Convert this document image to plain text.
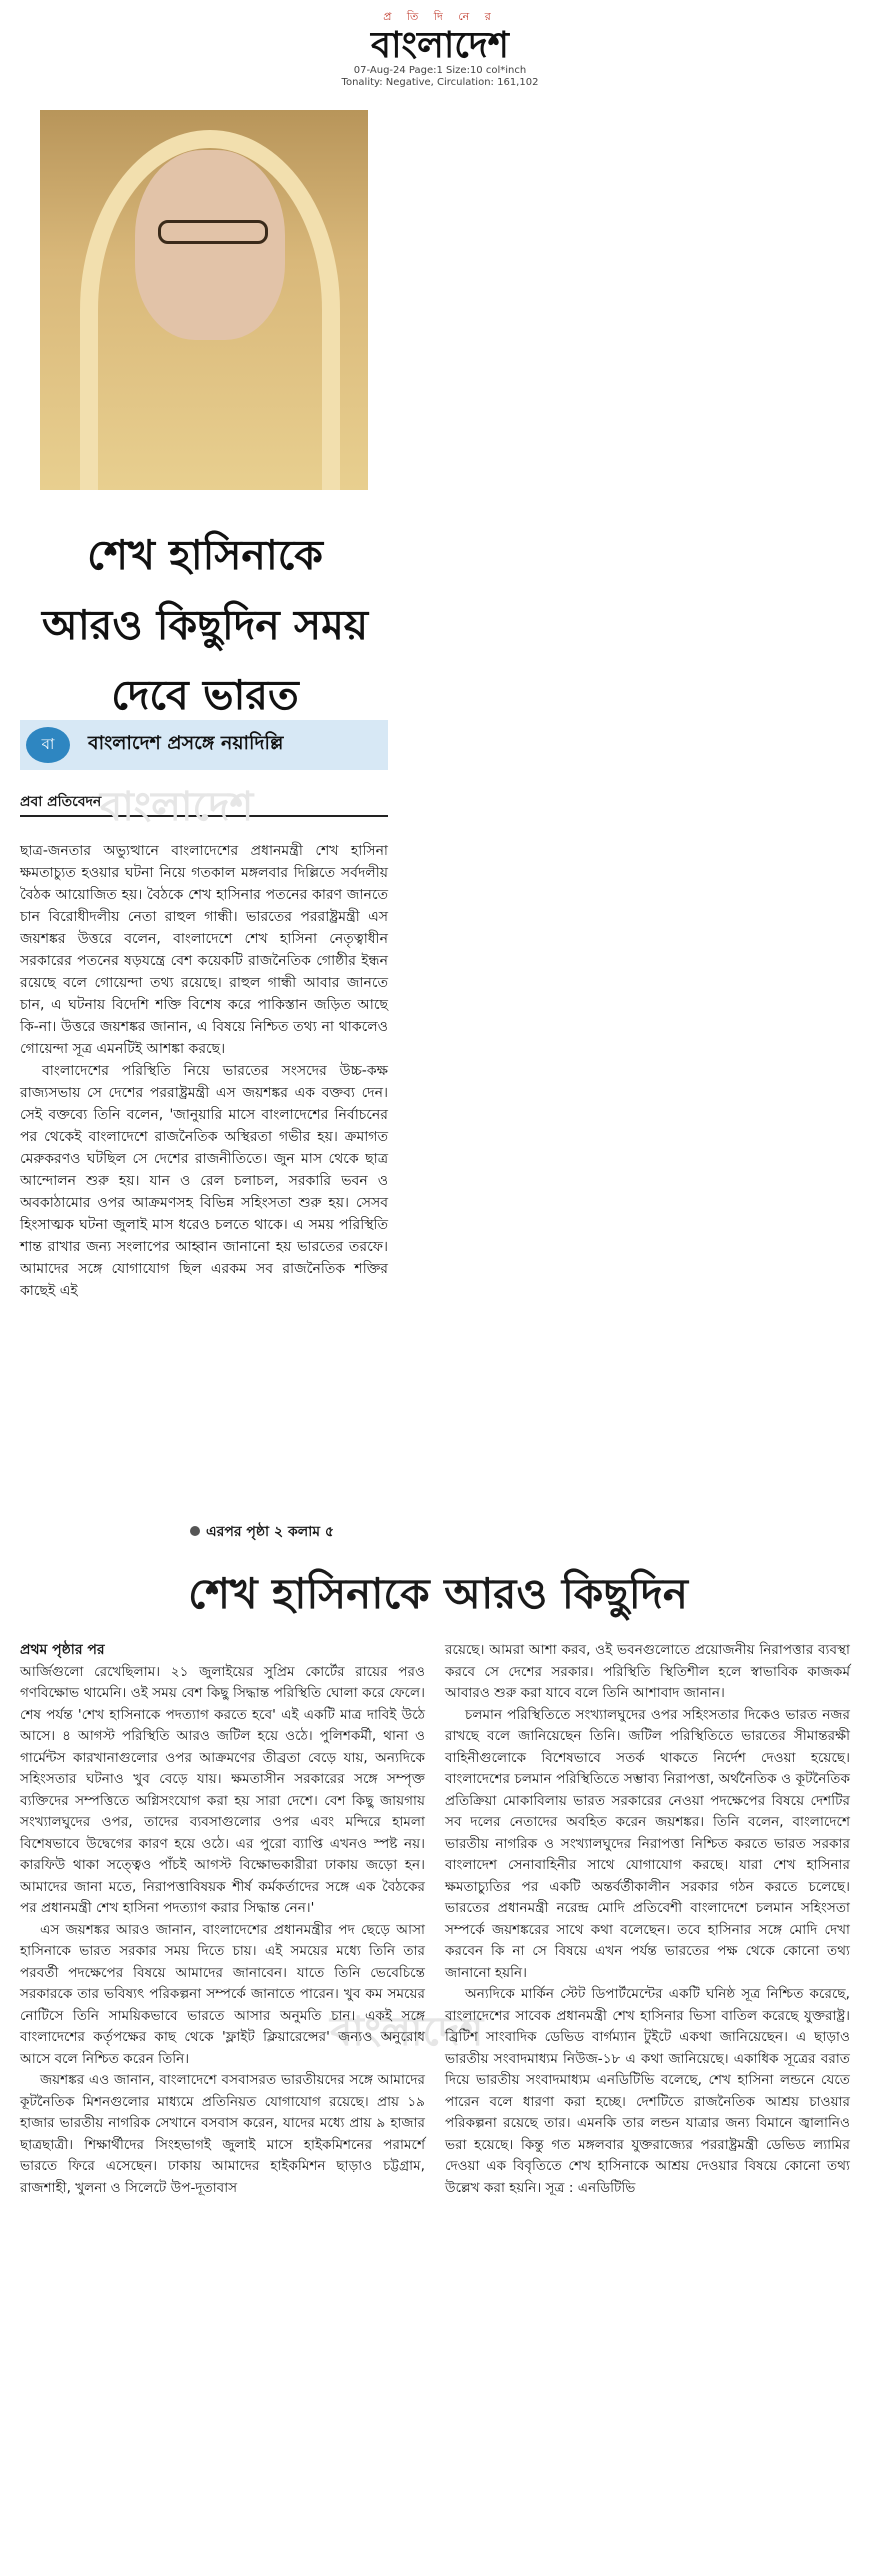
প্র তি দি নে র
বাংলাদেশ
07-Aug-24 Page:1 Size:10 col*inch
Tonality: Negative, Circulation: 161,102
শেখ হাসিনাকে
আরও কিছুদিন সময়
দেবে ভারত
বা	বাংলাদেশ প্রসঙ্গে নয়াদিল্লি
প্রবা প্রতিবেদন
বাংলাদেশ

ছাত্র-জনতার অভ্যুত্থানে বাংলাদেশের প্রধানমন্ত্রী শেখ হাসিনা ক্ষমতাচ্যুত হওয়ার ঘটনা নিয়ে গতকাল মঙ্গলবার দিল্লিতে সর্বদলীয় বৈঠক আয়োজিত হয়। বৈঠকে শেখ হাসিনার পতনের কারণ জানতে চান বিরোধীদলীয় নেতা রাহুল গান্ধী। ভারতের পররাষ্ট্রমন্ত্রী এস জয়শঙ্কর উত্তরে বলেন, বাংলাদেশে শেখ হাসিনা নেতৃত্বাধীন সরকারের পতনের ষড়যন্ত্রে বেশ কয়েকটি রাজনৈতিক গোষ্ঠীর ইন্ধন রয়েছে বলে গোয়েন্দা তথ্য রয়েছে। রাহুল গান্ধী আবার জানতে চান, এ ঘটনায় বিদেশি শক্তি বিশেষ করে পাকিস্তান জড়িত আছে কি-না। উত্তরে জয়শঙ্কর জানান, এ বিষয়ে নিশ্চিত তথ্য না থাকলেও গোয়েন্দা সূত্র এমনটিই আশঙ্কা করছে।

বাংলাদেশের পরিস্থিতি নিয়ে ভারতের সংসদের উচ্চ-কক্ষ রাজ্যসভায় সে দেশের পররাষ্ট্রমন্ত্রী এস জয়শঙ্কর এক বক্তব্য দেন। সেই বক্তব্যে তিনি বলেন, 'জানুয়ারি মাসে বাংলাদেশের নির্বাচনের পর থেকেই বাংলাদেশে রাজনৈতিক অস্থিরতা গভীর হয়। ক্রমাগত মেরুকরণও ঘটছিল সে দেশের রাজনীতিতে। জুন মাস থেকে ছাত্র আন্দোলন শুরু হয়। যান ও রেল চলাচল, সরকারি ভবন ও অবকাঠামোর ওপর আক্রমণসহ বিভিন্ন সহিংসতা শুরু হয়। সেসব হিংসাত্মক ঘটনা জুলাই মাস ধরেও চলতে থাকে। এ সময় পরিস্থিতি শান্ত রাখার জন্য সংলাপের আহ্বান জানানো হয় ভারতের তরফে। আমাদের সঙ্গে যোগাযোগ ছিল এরকম সব রাজনৈতিক শক্তির কাছেই এই

এরপর পৃষ্ঠা ২ কলাম ৫
শেখ হাসিনাকে আরও কিছুদিন
বাংলাদেশ
প্রথম পৃষ্ঠার পর

আর্জিগুলো রেখেছিলাম। ২১ জুলাইয়ের সুপ্রিম কোর্টের রায়ের পরও গণবিক্ষোভ থামেনি। ওই সময় বেশ কিছু সিদ্ধান্ত পরিস্থিতি ঘোলা করে ফেলে। শেষ পর্যন্ত 'শেখ হাসিনাকে পদত্যাগ করতে হবে' এই একটি মাত্র দাবিই উঠে আসে। ৪ আগস্ট পরিস্থিতি আরও জটিল হয়ে ওঠে। পুলিশকর্মী, থানা ও গার্মেন্টস কারখানাগুলোর ওপর আক্রমণের তীব্রতা বেড়ে যায়, অন্যদিকে সহিংসতার ঘটনাও খুব বেড়ে যায়। ক্ষমতাসীন সরকারের সঙ্গে সম্পৃক্ত ব্যক্তিদের সম্পত্তিতে অগ্নিসংযোগ করা হয় সারা দেশে। বেশ কিছু জায়গায় সংখ্যালঘুদের ওপর, তাদের ব্যবসাগুলোর ওপর এবং মন্দিরে হামলা বিশেষভাবে উদ্বেগের কারণ হয়ে ওঠে। এর পুরো ব্যাপ্তি এখনও স্পষ্ট নয়। কারফিউ থাকা সত্ত্বেও পাঁচই আগস্ট বিক্ষোভকারীরা ঢাকায় জড়ো হন। আমাদের জানা মতে, নিরাপত্তাবিষয়ক শীর্ষ কর্মকর্তাদের সঙ্গে এক বৈঠকের পর প্রধানমন্ত্রী শেখ হাসিনা পদত্যাগ করার সিদ্ধান্ত নেন।'

এস জয়শঙ্কর আরও জানান, বাংলাদেশের প্রধানমন্ত্রীর পদ ছেড়ে আসা হাসিনাকে ভারত সরকার সময় দিতে চায়। এই সময়ের মধ্যে তিনি তার পরবর্তী পদক্ষেপের বিষয়ে আমাদের জানাবেন। যাতে তিনি ভেবেচিন্তে সরকারকে তার ভবিষ্যৎ পরিকল্পনা সম্পর্কে জানাতে পারেন। খুব কম সময়ের নোটিসে তিনি সাময়িকভাবে ভারতে আসার অনুমতি চান। একই সঙ্গে বাংলাদেশের কর্তৃপক্ষের কাছ থেকে 'ফ্লাইট ক্লিয়ারেন্সের' জন্যও অনুরোধ আসে বলে নিশ্চিত করেন তিনি।

জয়শঙ্কর এও জানান, বাংলাদেশে বসবাসরত ভারতীয়দের সঙ্গে আমাদের কূটনৈতিক মিশনগুলোর মাধ্যমে প্রতিনিয়ত যোগাযোগ রয়েছে। প্রায় ১৯ হাজার ভারতীয় নাগরিক সেখানে বসবাস করেন, যাদের মধ্যে প্রায় ৯ হাজার ছাত্রছাত্রী। শিক্ষার্থীদের সিংহভাগই জুলাই মাসে হাইকমিশনের পরামর্শে ভারতে ফিরে এসেছেন। ঢাকায় আমাদের হাইকমিশন ছাড়াও চট্টগ্রাম, রাজশাহী, খুলনা ও সিলেটে উপ-দূতাবাস

রয়েছে। আমরা আশা করব, ওই ভবনগুলোতে প্রয়োজনীয় নিরাপত্তার ব্যবস্থা করবে সে দেশের সরকার। পরিস্থিতি স্থিতিশীল হলে স্বাভাবিক কাজকর্ম আবারও শুরু করা যাবে বলে তিনি আশাবাদ জানান।

চলমান পরিস্থিতিতে সংখ্যালঘুদের ওপর সহিংসতার দিকেও ভারত নজর রাখছে বলে জানিয়েছেন তিনি। জটিল পরিস্থিতিতে ভারতের সীমান্তরক্ষী বাহিনীগুলোকে বিশেষভাবে সতর্ক থাকতে নির্দেশ দেওয়া হয়েছে। বাংলাদেশের চলমান পরিস্থিতিতে সম্ভাব্য নিরাপত্তা, অর্থনৈতিক ও কূটনৈতিক প্রতিক্রিয়া মোকাবিলায় ভারত সরকারের নেওয়া পদক্ষেপের বিষয়ে দেশটির সব দলের নেতাদের অবহিত করেন জয়শঙ্কর। তিনি বলেন, বাংলাদেশে ভারতীয় নাগরিক ও সংখ্যালঘুদের নিরাপত্তা নিশ্চিত করতে ভারত সরকার বাংলাদেশ সেনাবাহিনীর সাথে যোগাযোগ করছে। যারা শেখ হাসিনার ক্ষমতাচ্যুতির পর একটি অন্তর্বর্তীকালীন সরকার গঠন করতে চলেছে। ভারতের প্রধানমন্ত্রী নরেন্দ্র মোদি প্রতিবেশী বাংলাদেশে চলমান সহিংসতা সম্পর্কে জয়শঙ্করের সাথে কথা বলেছেন। তবে হাসিনার সঙ্গে মোদি দেখা করবেন কি না সে বিষয়ে এখন পর্যন্ত ভারতের পক্ষ থেকে কোনো তথ্য জানানো হয়নি।

অন্যদিকে মার্কিন স্টেট ডিপার্টমেন্টের একটি ঘনিষ্ঠ সূত্র নিশ্চিত করেছে, বাংলাদেশের সাবেক প্রধানমন্ত্রী শেখ হাসিনার ভিসা বাতিল করেছে যুক্তরাষ্ট্র। ব্রিটিশ সাংবাদিক ডেভিড বার্গম্যান টুইটে একথা জানিয়েছেন। এ ছাড়াও ভারতীয় সংবাদমাধ্যম নিউজ-১৮ এ কথা জানিয়েছে। একাধিক সূত্রের বরাত দিয়ে ভারতীয় সংবাদমাধ্যম এনডিটিভি বলেছে, শেখ হাসিনা লন্ডনে যেতে পারেন বলে ধারণা করা হচ্ছে। দেশটিতে রাজনৈতিক আশ্রয় চাওয়ার পরিকল্পনা রয়েছে তার। এমনকি তার লন্ডন যাত্রার জন্য বিমানে জ্বালানিও ভরা হয়েছে। কিন্তু গত মঙ্গলবার যুক্তরাজ্যের পররাষ্ট্রমন্ত্রী ডেভিড ল্যামির দেওয়া এক বিবৃতিতে শেখ হাসিনাকে আশ্রয় দেওয়ার বিষয়ে কোনো তথ্য উল্লেখ করা হয়নি। সূত্র : এনডিটিভি
